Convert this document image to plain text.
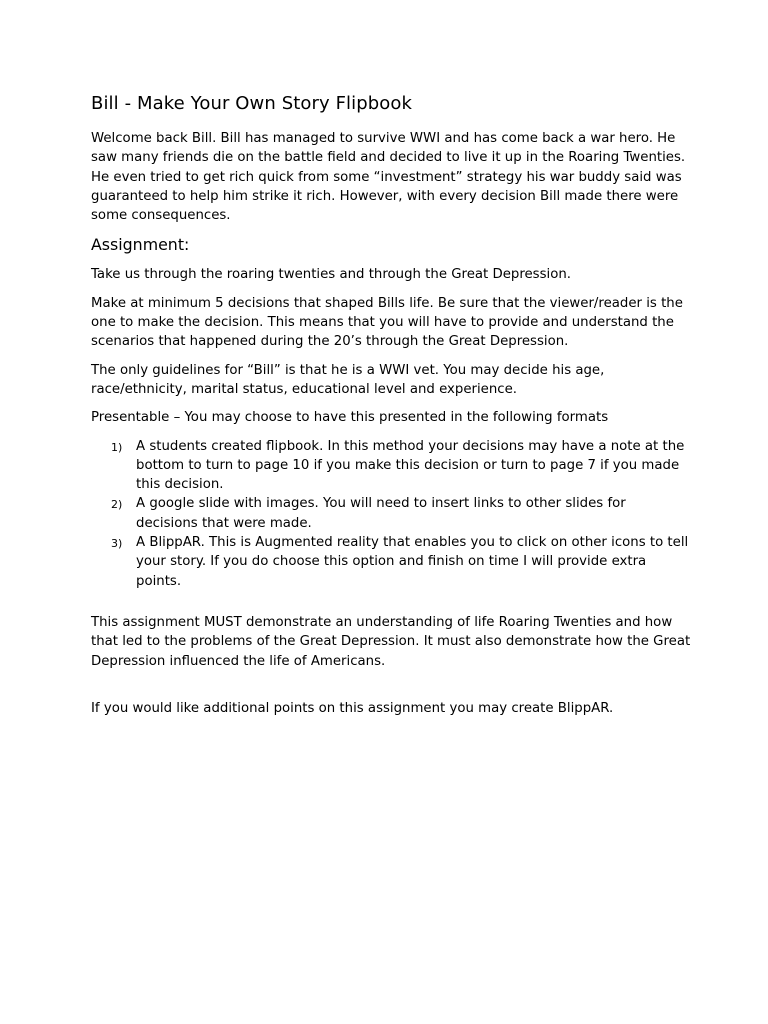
Bill - Make Your Own Story Flipbook

Welcome back Bill. Bill has managed to survive WWI and has come back a war hero. He saw many friends die on the battle field and decided to live it up in the Roaring Twenties. He even tried to get rich quick from some “investment” strategy his war buddy said was guaranteed to help him strike it rich. However, with every decision Bill made there were some consequences.

Assignment:

Take us through the roaring twenties and through the Great Depression.

Make at minimum 5 decisions that shaped Bills life. Be sure that the viewer/reader is the one to make the decision. This means that you will have to provide and understand the scenarios that happened during the 20’s through the Great Depression.

The only guidelines for “Bill” is that he is a WWI vet. You may decide his age, race/ethnicity, marital status, educational level and experience.

Presentable – You may choose to have this presented in the following formats

1) A students created flipbook. In this method your decisions may have a note at the bottom to turn to page 10 if you make this decision or turn to page 7 if you made this decision.
2) A google slide with images. You will need to insert links to other slides for decisions that were made.
3) A BlippAR. This is Augmented reality that enables you to click on other icons to tell your story. If you do choose this option and finish on time I will provide extra points.

This assignment MUST demonstrate an understanding of life Roaring Twenties and how that led to the problems of the Great Depression. It must also demonstrate how the Great Depression influenced the life of Americans.

If you would like additional points on this assignment you may create BlippAR.
